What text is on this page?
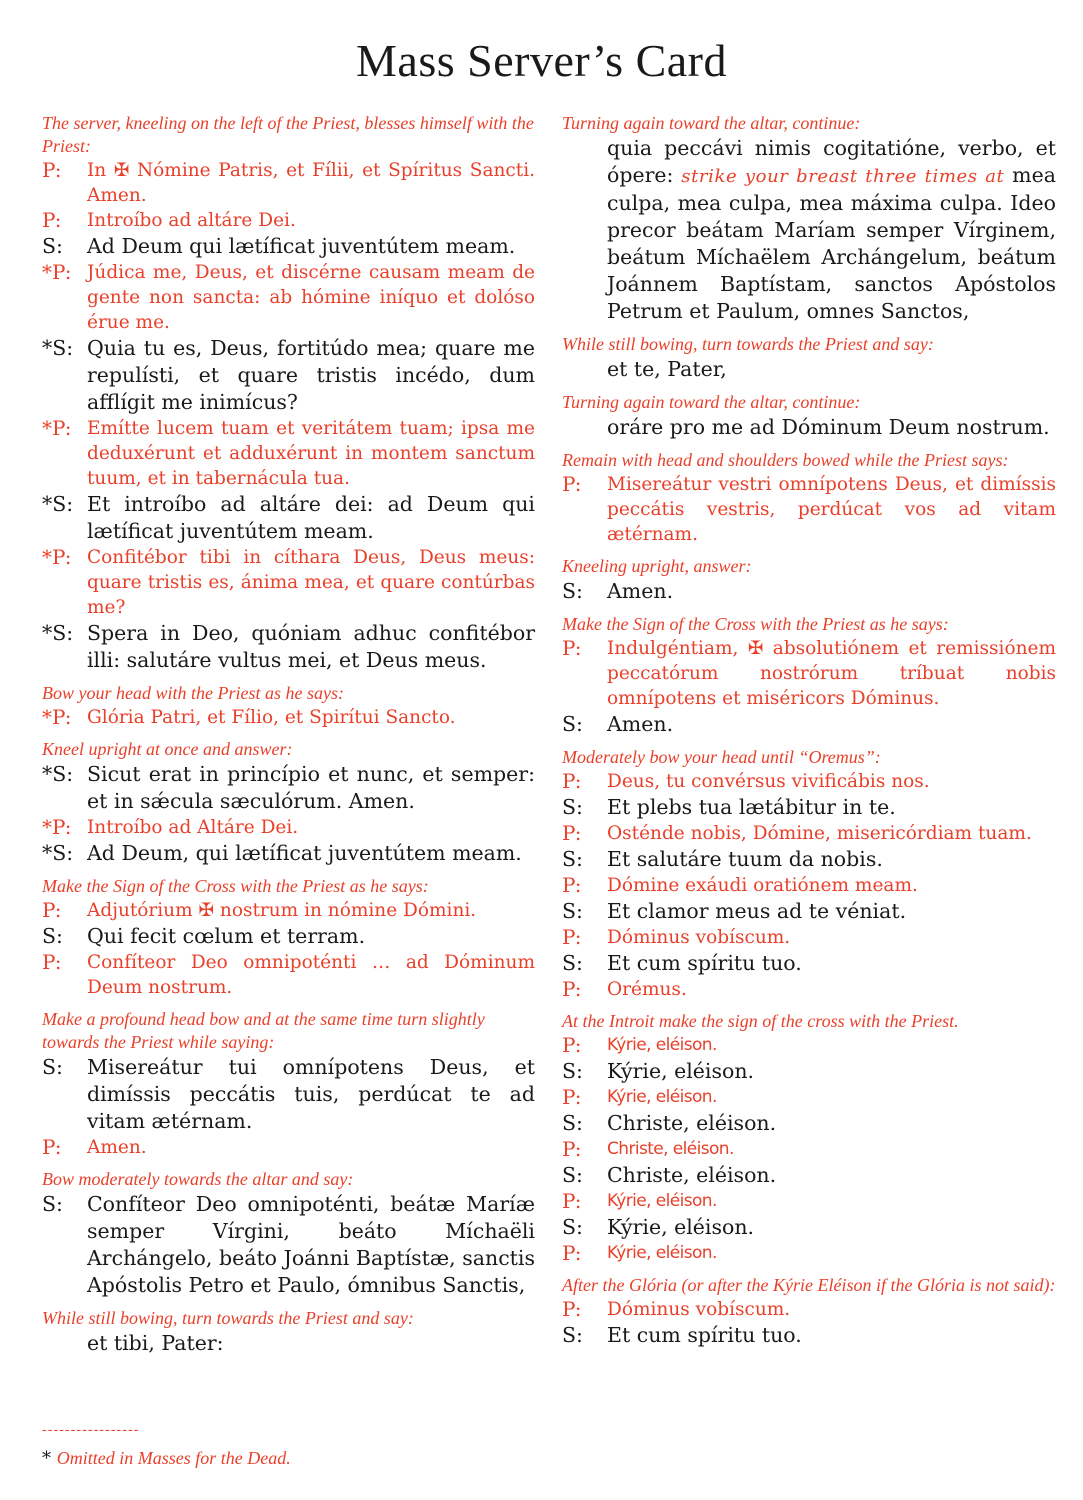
Mass Server’s Card
The server, kneeling on the left of the Priest, blesses himself with the Priest:
P:	In ✠ Nómine Patris, et Fílii, et Spíritus Sancti. Amen.
P:	Introíbo ad altáre Dei.
S:	Ad Deum qui lætíficat juventútem meam.
*P: Júdica me, Deus, et discérne causam meam de gente non sancta: ab hómine iníquo et dolóso érue me.
*S: Quia tu es, Deus, fortitúdo mea; quare me repulísti, et quare tristis incédo, dum afflígit me inimícus?
*P: Emítte lucem tuam et veritátem tuam; ipsa me deduxérunt et adduxérunt in montem sanctum tuum, et in tabernácula tua.
*S: Et introíbo ad altáre dei: ad Deum qui lætíficat juventútem meam.
*P: Confitébor tibi in cíthara Deus, Deus meus: quare tristis es, ánima mea, et quare contúrbas me?
*S: Spera in Deo, quóniam adhuc confitébor illi: salutáre vultus mei, et Deus meus.
Bow your head with the Priest as he says:
*P: Glória Patri, et Fílio, et Spirítui Sancto.
Kneel upright at once and answer:
*S: Sicut erat in princípio et nunc, et semper: et in sǽcula sæculórum. Amen.
*P: Introíbo ad Altáre Dei.
*S: Ad Deum, qui lætíficat juventútem meam.
Make the Sign of the Cross with the Priest as he says:
P:	Adjutórium ✠ nostrum in nómine Dómini.
S:	Qui fecit cœlum et terram.
P:	Confíteor Deo omnipoténti … ad Dóminum Deum nostrum.
Make a profound head bow and at the same time turn slightly towards the Priest while saying:
S:	Misereátur tui omnípotens Deus, et dimíssis peccátis tuis, perdúcat te ad vitam ætérnam.
P:	Amen.
Bow moderately towards the altar and say:
S:	Confíteor Deo omnipoténti, beátæ Maríæ semper Vírgini, beáto Míchaëli Archángelo, beáto Joánni Baptístæ, sanctis Apóstolis Petro et Paulo, ómnibus Sanctis,
While still bowing, turn towards the Priest and say:
et tibi, Pater:
Turning again toward the altar, continue:
quia peccávi nimis cogitatióne, verbo, et ópere: strike your breast three times at mea culpa, mea culpa, mea máxima culpa. Ideo precor beátam Maríam semper Vírginem, beátum Míchaëlem Archángelum, beátum Joánnem Baptístam, sanctos Apóstolos Petrum et Paulum, omnes Sanctos,
While still bowing, turn towards the Priest and say:
et te, Pater,
Turning again toward the altar, continue:
oráre pro me ad Dóminum Deum nostrum.
Remain with head and shoulders bowed while the Priest says:
P:	Misereátur vestri omnípotens Deus, et dimíssis peccátis vestris, perdúcat vos ad vitam ætérnam.
Kneeling upright, answer:
S:	Amen.
Make the Sign of the Cross with the Priest as he says:
P:	Indulgéntiam, ✠ absolutiónem et remissiónem peccatórum nostrórum tríbuat nobis omnípotens et miséricors Dóminus.
S:	Amen.
Moderately bow your head until “Oremus”:
P:	Deus, tu convérsus vivificábis nos.
S:	Et plebs tua lætábitur in te.
P:	Osténde nobis, Dómine, misericórdiam tuam.
S:	Et salutáre tuum da nobis.
P:	Dómine exáudi oratiónem meam.
S:	Et clamor meus ad te véniat.
P:	Dóminus vobíscum.
S:	Et cum spíritu tuo.
P:	Orémus.
At the Introit make the sign of the cross with the Priest.
P:	Kýrie, eléison.
S:	Kýrie, eléison.
P:	Kýrie, eléison.
S:	Christe, eléison.
P:	Christe, eléison.
S:	Christe, eléison.
P:	Kýrie, eléison.
S:	Kýrie, eléison.
P:	Kýrie, eléison.
After the Glória (or after the Kýrie Eléison if the Glória is not said):
P:	Dóminus vobíscum.
S:	Et cum spíritu tuo.
-----------------
* Omitted in Masses for the Dead.
